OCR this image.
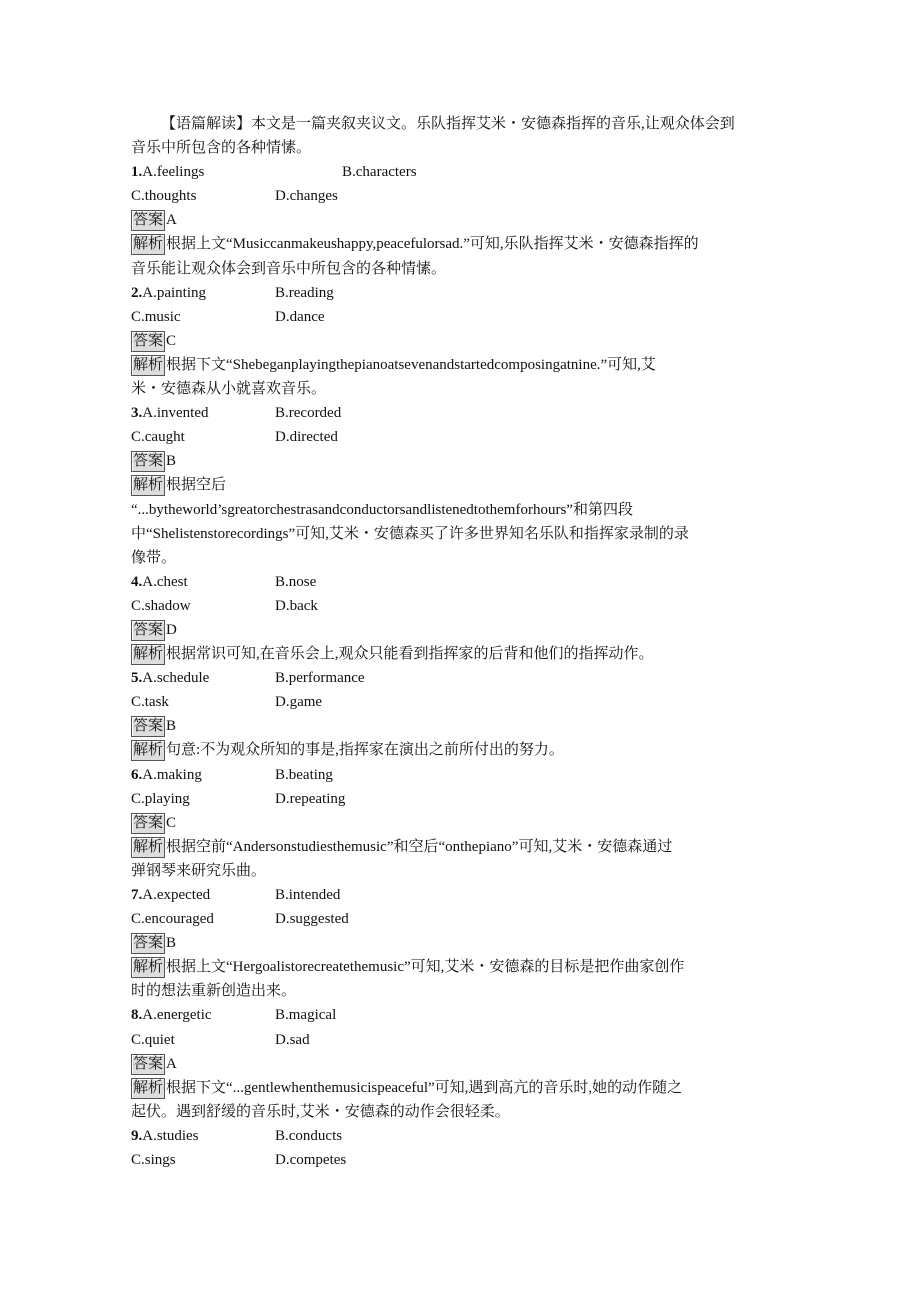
【语篇解读】本文是一篇夹叙夹议文。乐队指挥艾米・安德森指挥的音乐,让观众体会到
音乐中所包含的各种情愫。
1.A.feelings	B.characters
C.thoughts	D.changes
答案 A
解析 根据上文“Musiccanmakeushappy,peacefulorsad.”可知,乐队指挥艾米・安德森指挥的
音乐能让观众体会到音乐中所包含的各种情愫。
2.A.painting	B.reading
C.music	D.dance
答案 C
解析 根据下文“Shebeganplayingthepianoatsevenandstartedcomposingatnine.”可知,艾
米・安德森从小就喜欢音乐。
3.A.invented	B.recorded
C.caught	D.directed
答案 B
解析 根据空后
“...bytheworld’sgreatorchestrasandconductorsandlistenedtothemforhours”和第四段
中“Shelistenstorecordings”可知,艾米・安德森买了许多世界知名乐队和指挥家录制的录
像带。
4.A.chest	B.nose
C.shadow	D.back
答案 D
解析 根据常识可知,在音乐会上,观众只能看到指挥家的后背和他们的指挥动作。
5.A.schedule	B.performance
C.task	D.game
答案 B
解析 句意:不为观众所知的事是,指挥家在演出之前所付出的努力。
6.A.making	B.beating
C.playing	D.repeating
答案 C
解析 根据空前“Andersonstudiesthemusic”和空后“onthepiano”可知,艾米・安德森通过
弹钢琴来研究乐曲。
7.A.expected	B.intended
C.encouraged	D.suggested
答案 B
解析 根据上文“Hergoalistorecreatethemusic”可知,艾米・安德森的目标是把作曲家创作
时的想法重新创造出来。
8.A.energetic	B.magical
C.quiet	D.sad
答案 A
解析 根据下文“...gentlewhenthemusicispeaceful”可知,遇到高亢的音乐时,她的动作随之
起伏。遇到舒缓的音乐时,艾米・安德森的动作会很轻柔。
9.A.studies	B.conducts
C.sings	D.competes
